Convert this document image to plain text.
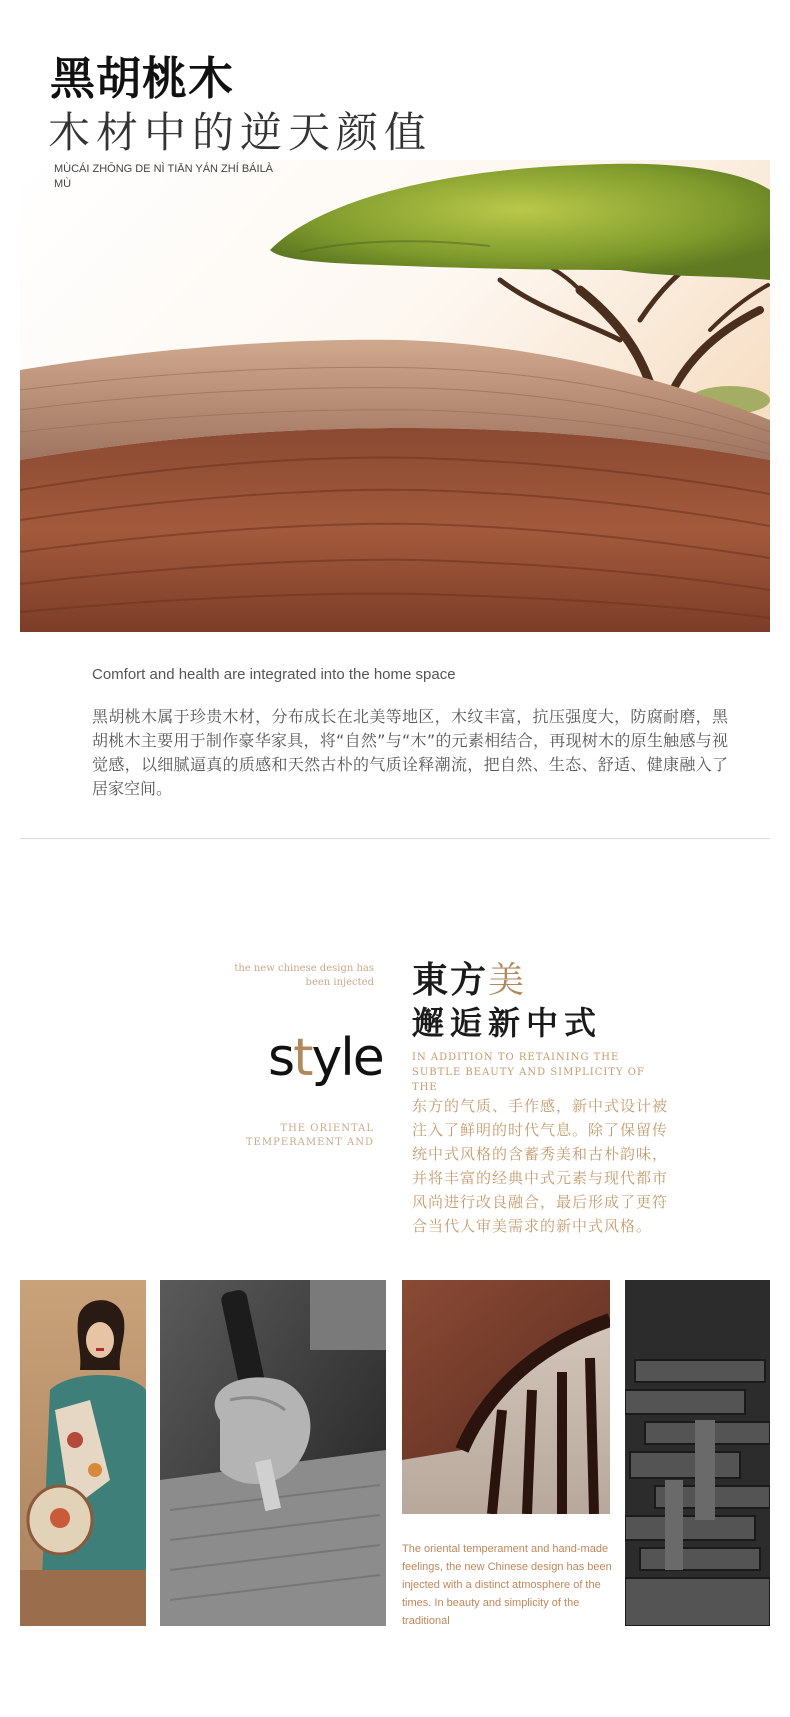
黑胡桃木
木材中的逆天颜值
MÙCÁI ZHŌNG DE NÌ TIĀN YÁN ZHÍ BÁILÀ MÙ
Comfort and health are integrated into the home space
黑胡桃木属于珍贵木材，分布成长在北美等地区，木纹丰富，抗压强度大，防腐耐磨，黑胡桃木主要用于制作豪华家具，将“自然”与“木”的元素相结合，再现树木的原生触感与视觉感，以细腻逼真的质感和天然古朴的气质诠释潮流，把自然、生态、舒适、健康融入了居家空间。
the new chinese design has been injected
style
THE ORIENTAL TEMPERAMENT AND
東方美
邂逅新中式
IN ADDITION TO RETAINING THE SUBTLE BEAUTY AND SIMPLICITY OF THE
东方的气质、手作感，新中式设计被注入了鲜明的时代气息。除了保留传统中式风格的含蓄秀美和古朴韵味，并将丰富的经典中式元素与现代都市风尚进行改良融合，最后形成了更符合当代人审美需求的新中式风格。
The oriental temperament and hand-made feelings, the new Chinese design has been injected with a distinct atmosphere of the times. In beauty and simplicity of the traditional
